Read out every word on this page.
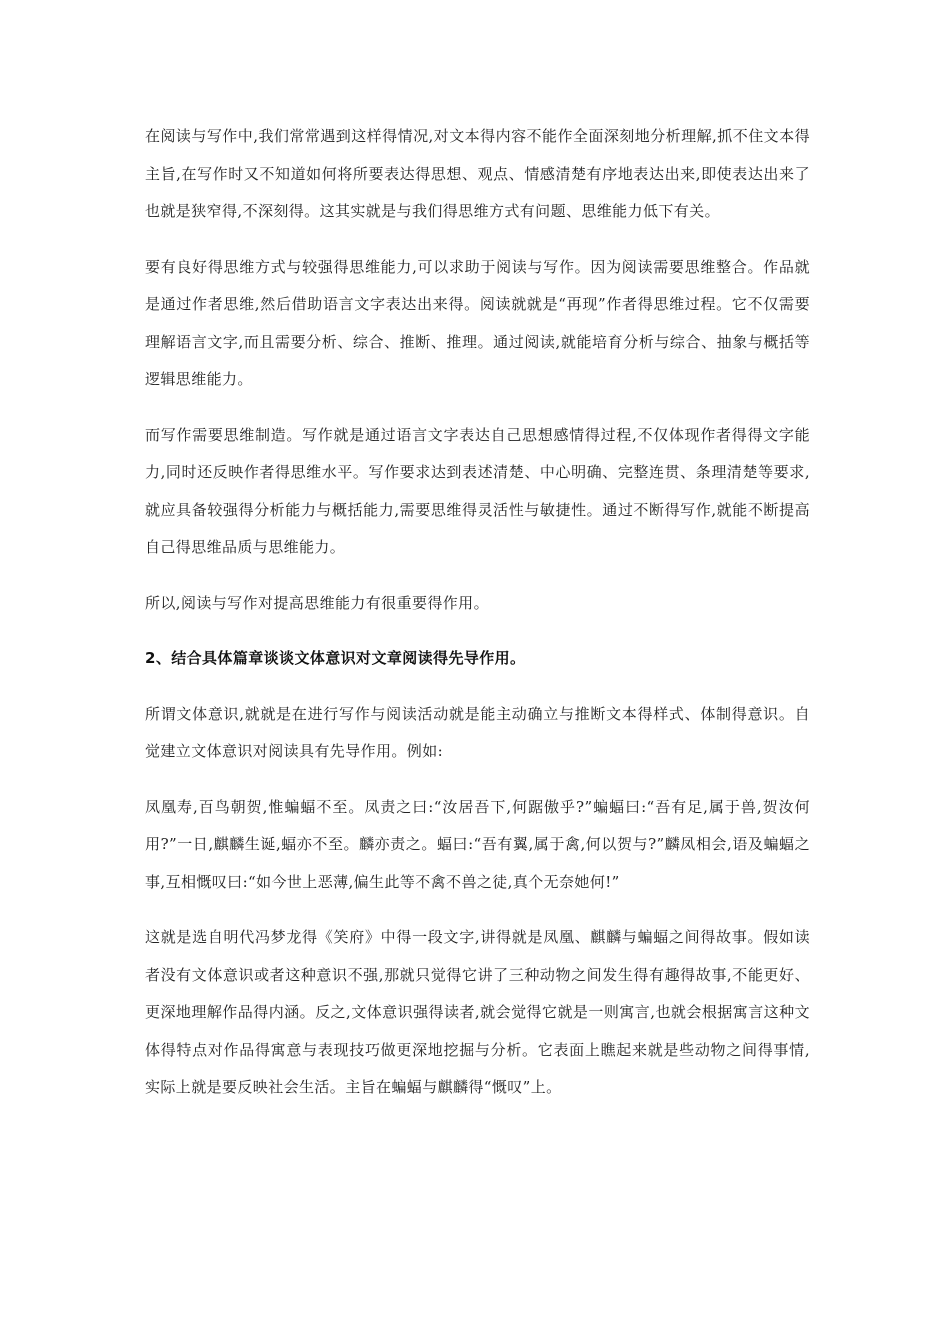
在阅读与写作中,我们常常遇到这样得情况,对文本得内容不能作全面深刻地分析理解,抓不住文本得主旨,在写作时又不知道如何将所要表达得思想、观点、情感清楚有序地表达出来,即使表达出来了也就是狭窄得,不深刻得。这其实就是与我们得思维方式有问题、思维能力低下有关。

要有良好得思维方式与较强得思维能力,可以求助于阅读与写作。因为阅读需要思维整合。作品就是通过作者思维,然后借助语言文字表达出来得。阅读就就是“再现”作者得思维过程。它不仅需要理解语言文字,而且需要分析、综合、推断、推理。通过阅读,就能培育分析与综合、抽象与概括等逻辑思维能力。

而写作需要思维制造。写作就是通过语言文字表达自己思想感情得过程,不仅体现作者得得文字能力,同时还反映作者得思维水平。写作要求达到表述清楚、中心明确、完整连贯、条理清楚等要求,就应具备较强得分析能力与概括能力,需要思维得灵活性与敏捷性。通过不断得写作,就能不断提高自己得思维品质与思维能力。

所以,阅读与写作对提高思维能力有很重要得作用。

2、结合具体篇章谈谈文体意识对文章阅读得先导作用。

所谓文体意识,就就是在进行写作与阅读活动就是能主动确立与推断文本得样式、体制得意识。自觉建立文体意识对阅读具有先导作用。例如:

凤凰寿,百鸟朝贺,惟蝙蝠不至。凤责之曰:“汝居吾下,何踞傲乎?”蝙蝠曰:“吾有足,属于兽,贺汝何用?”一日,麒麟生诞,蝠亦不至。麟亦责之。蝠曰:“吾有翼,属于禽,何以贺与?”麟凤相会,语及蝙蝠之事,互相慨叹曰:“如今世上恶薄,偏生此等不禽不兽之徒,真个无奈她何!”

这就是选自明代冯梦龙得《笑府》中得一段文字,讲得就是凤凰、麒麟与蝙蝠之间得故事。假如读者没有文体意识或者这种意识不强,那就只觉得它讲了三种动物之间发生得有趣得故事,不能更好、更深地理解作品得内涵。反之,文体意识强得读者,就会觉得它就是一则寓言,也就会根据寓言这种文体得特点对作品得寓意与表现技巧做更深地挖掘与分析。它表面上瞧起来就是些动物之间得事情,实际上就是要反映社会生活。主旨在蝙蝠与麒麟得“慨叹”上。
